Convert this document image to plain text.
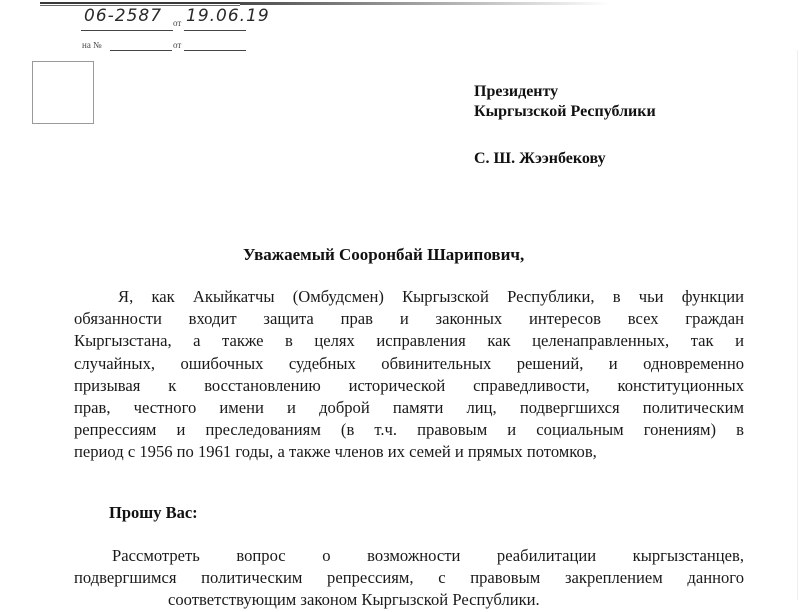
06-2587 от 19.06.19
на №	от
Президенту
Кыргызской Республики
С. Ш. Жээнбекову
Уважаемый Сооронбай Шарипович,
Я, как Акыйкатчы (Омбудсмен) Кыргызской Республики, в чьи функции
обязанности входит защита прав и законных интересов всех граждан
Кыргызстана, а также в целях исправления как целенаправленных, так и
случайных, ошибочных судебных обвинительных решений, и одновременно
призывая к восстановлению исторической справедливости, конституционных
прав, честного имени и доброй памяти лиц, подвергшихся политическим
репрессиям и преследованиям (в т.ч. правовым и социальным гонениям) в
период с 1956 по 1961 годы, а также членов их семей и прямых потомков,
Прошу Вас:
Рассмотреть вопрос о возможности реабилитации кыргызстанцев,
подвергшимся политическим репрессиям, с правовым закреплением данного
соответствующим законом Кыргызской Республики.
